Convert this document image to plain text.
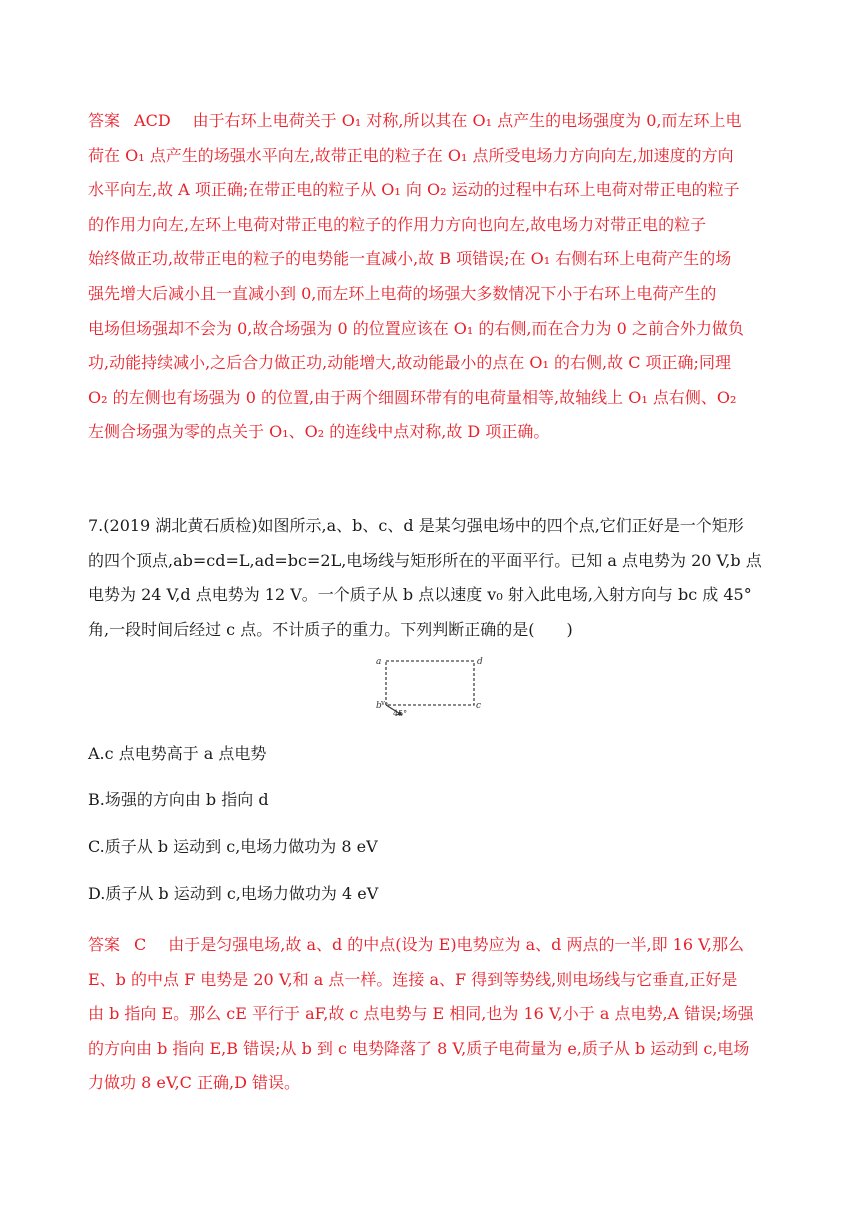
答案 ACD 由于右环上电荷关于 O₁ 对称,所以其在 O₁ 点产生的电场强度为 0,而左环上电
荷在 O₁ 点产生的场强水平向左,故带正电的粒子在 O₁ 点所受电场力方向向左,加速度的方向
水平向左,故 A 项正确;在带正电的粒子从 O₁ 向 O₂ 运动的过程中右环上电荷对带正电的粒子
的作用力向左,左环上电荷对带正电的粒子的作用力方向也向左,故电场力对带正电的粒子
始终做正功,故带正电的粒子的电势能一直减小,故 B 项错误;在 O₁ 右侧右环上电荷产生的场
强先增大后减小且一直减小到 0,而左环上电荷的场强大多数情况下小于右环上电荷产生的
电场但场强却不会为 0,故合场强为 0 的位置应该在 O₁ 的右侧,而在合力为 0 之前合外力做负
功,动能持续减小,之后合力做正功,动能增大,故动能最小的点在 O₁ 的右侧,故 C 项正确;同理
O₂ 的左侧也有场强为 0 的位置,由于两个细圆环带有的电荷量相等,故轴线上 O₁ 点右侧、O₂
左侧合场强为零的点关于 O₁、O₂ 的连线中点对称,故 D 项正确。
7.(2019 湖北黄石质检)如图所示,a、b、c、d 是某匀强电场中的四个点,它们正好是一个矩形
的四个顶点,ab=cd=L,ad=bc=2L,电场线与矩形所在的平面平行。已知 a 点电势为 20 V,b 点
电势为 24 V,d 点电势为 12 V。一个质子从 b 点以速度 v₀ 射入此电场,入射方向与 bc 成 45°
角,一段时间后经过 c 点。不计质子的重力。下列判断正确的是(　　)
a	d
b	c
v₀
45°
A.c 点电势高于 a 点电势
B.场强的方向由 b 指向 d
C.质子从 b 运动到 c,电场力做功为 8 eV
D.质子从 b 运动到 c,电场力做功为 4 eV
答案 C 由于是匀强电场,故 a、d 的中点(设为 E)电势应为 a、d 两点的一半,即 16 V,那么
E、b 的中点 F 电势是 20 V,和 a 点一样。连接 a、F 得到等势线,则电场线与它垂直,正好是
由 b 指向 E。那么 cE 平行于 aF,故 c 点电势与 E 相同,也为 16 V,小于 a 点电势,A 错误;场强
的方向由 b 指向 E,B 错误;从 b 到 c 电势降落了 8 V,质子电荷量为 e,质子从 b 运动到 c,电场
力做功 8 eV,C 正确,D 错误。
